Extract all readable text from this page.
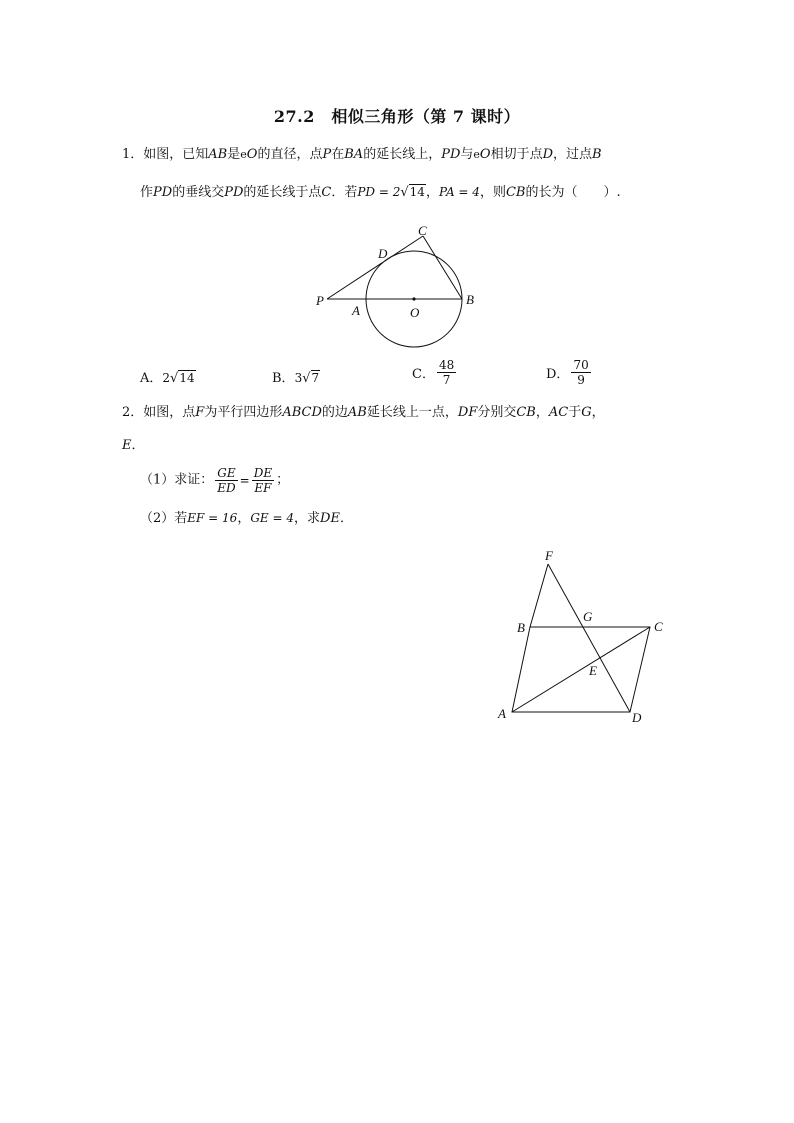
27.2　相似三角形（第 7 课时）
1．如图，已知AB是eO的直径，点P在BA的延长线上，PD与eO相切于点D，过点B
作PD的垂线交PD的延长线于点C．若PD = 2√14，PA = 4，则CB的长为（　　）.
P
A	O
B
D
C
A．2√14	B．3√7	C． $\frac{48}{7}$	D． $\frac{70}{9}$
2．如图，点F为平行四边形ABCD的边AB延长线上一点，DF分别交CB，AC于G，
E．
（1）求证： $\frac{GE}{ED} = \frac{DE}{EF}$ ；
（2）若EF = 16，GE = 4，求DE．
F
B
G
C
E
A	D
